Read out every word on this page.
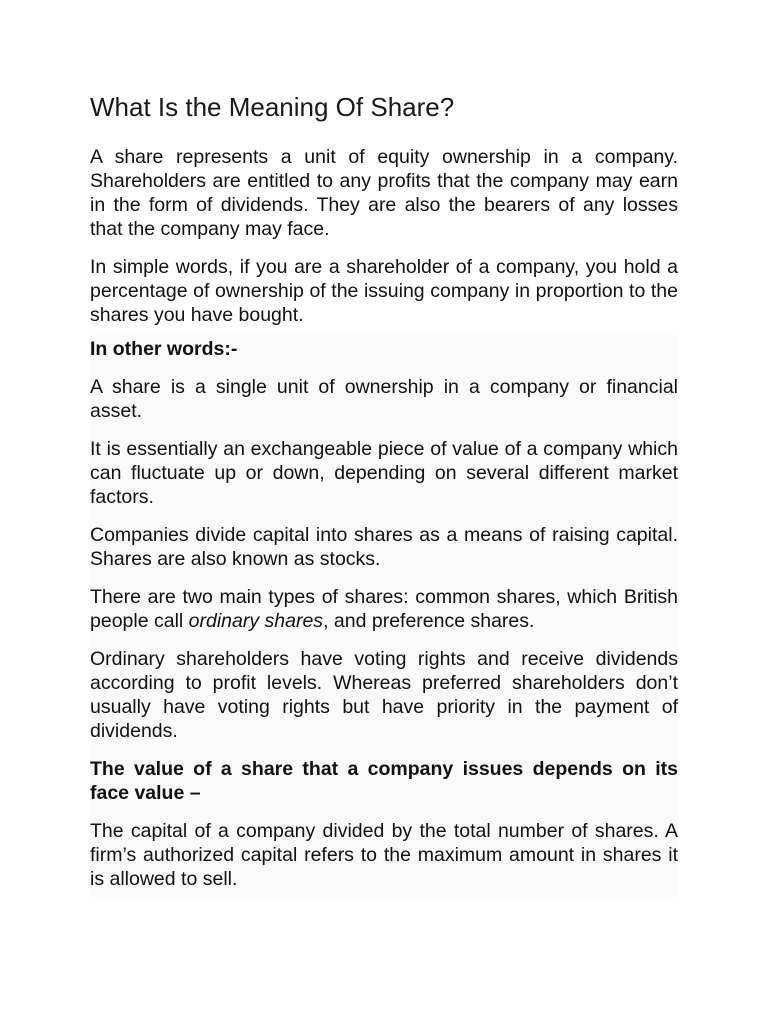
What Is the Meaning Of Share?

A share represents a unit of equity ownership in a company. Shareholders are entitled to any profits that the company may earn in the form of dividends. They are also the bearers of any losses that the company may face.

In simple words, if you are a shareholder of a company, you hold a percentage of ownership of the issuing company in proportion to the shares you have bought.

In other words:-

A share is a single unit of ownership in a company or financial asset.

It is essentially an exchangeable piece of value of a company which can fluctuate up or down, depending on several different market factors.

Companies divide capital into shares as a means of raising capital. Shares are also known as stocks.

There are two main types of shares: common shares, which British people call ordinary shares, and preference shares.

Ordinary shareholders have voting rights and receive dividends according to profit levels. Whereas preferred shareholders don’t usually have voting rights but have priority in the payment of dividends.

The value of a share that a company issues depends on its face value –

The capital of a company divided by the total number of shares. A firm’s authorized capital refers to the maximum amount in shares it is allowed to sell.
